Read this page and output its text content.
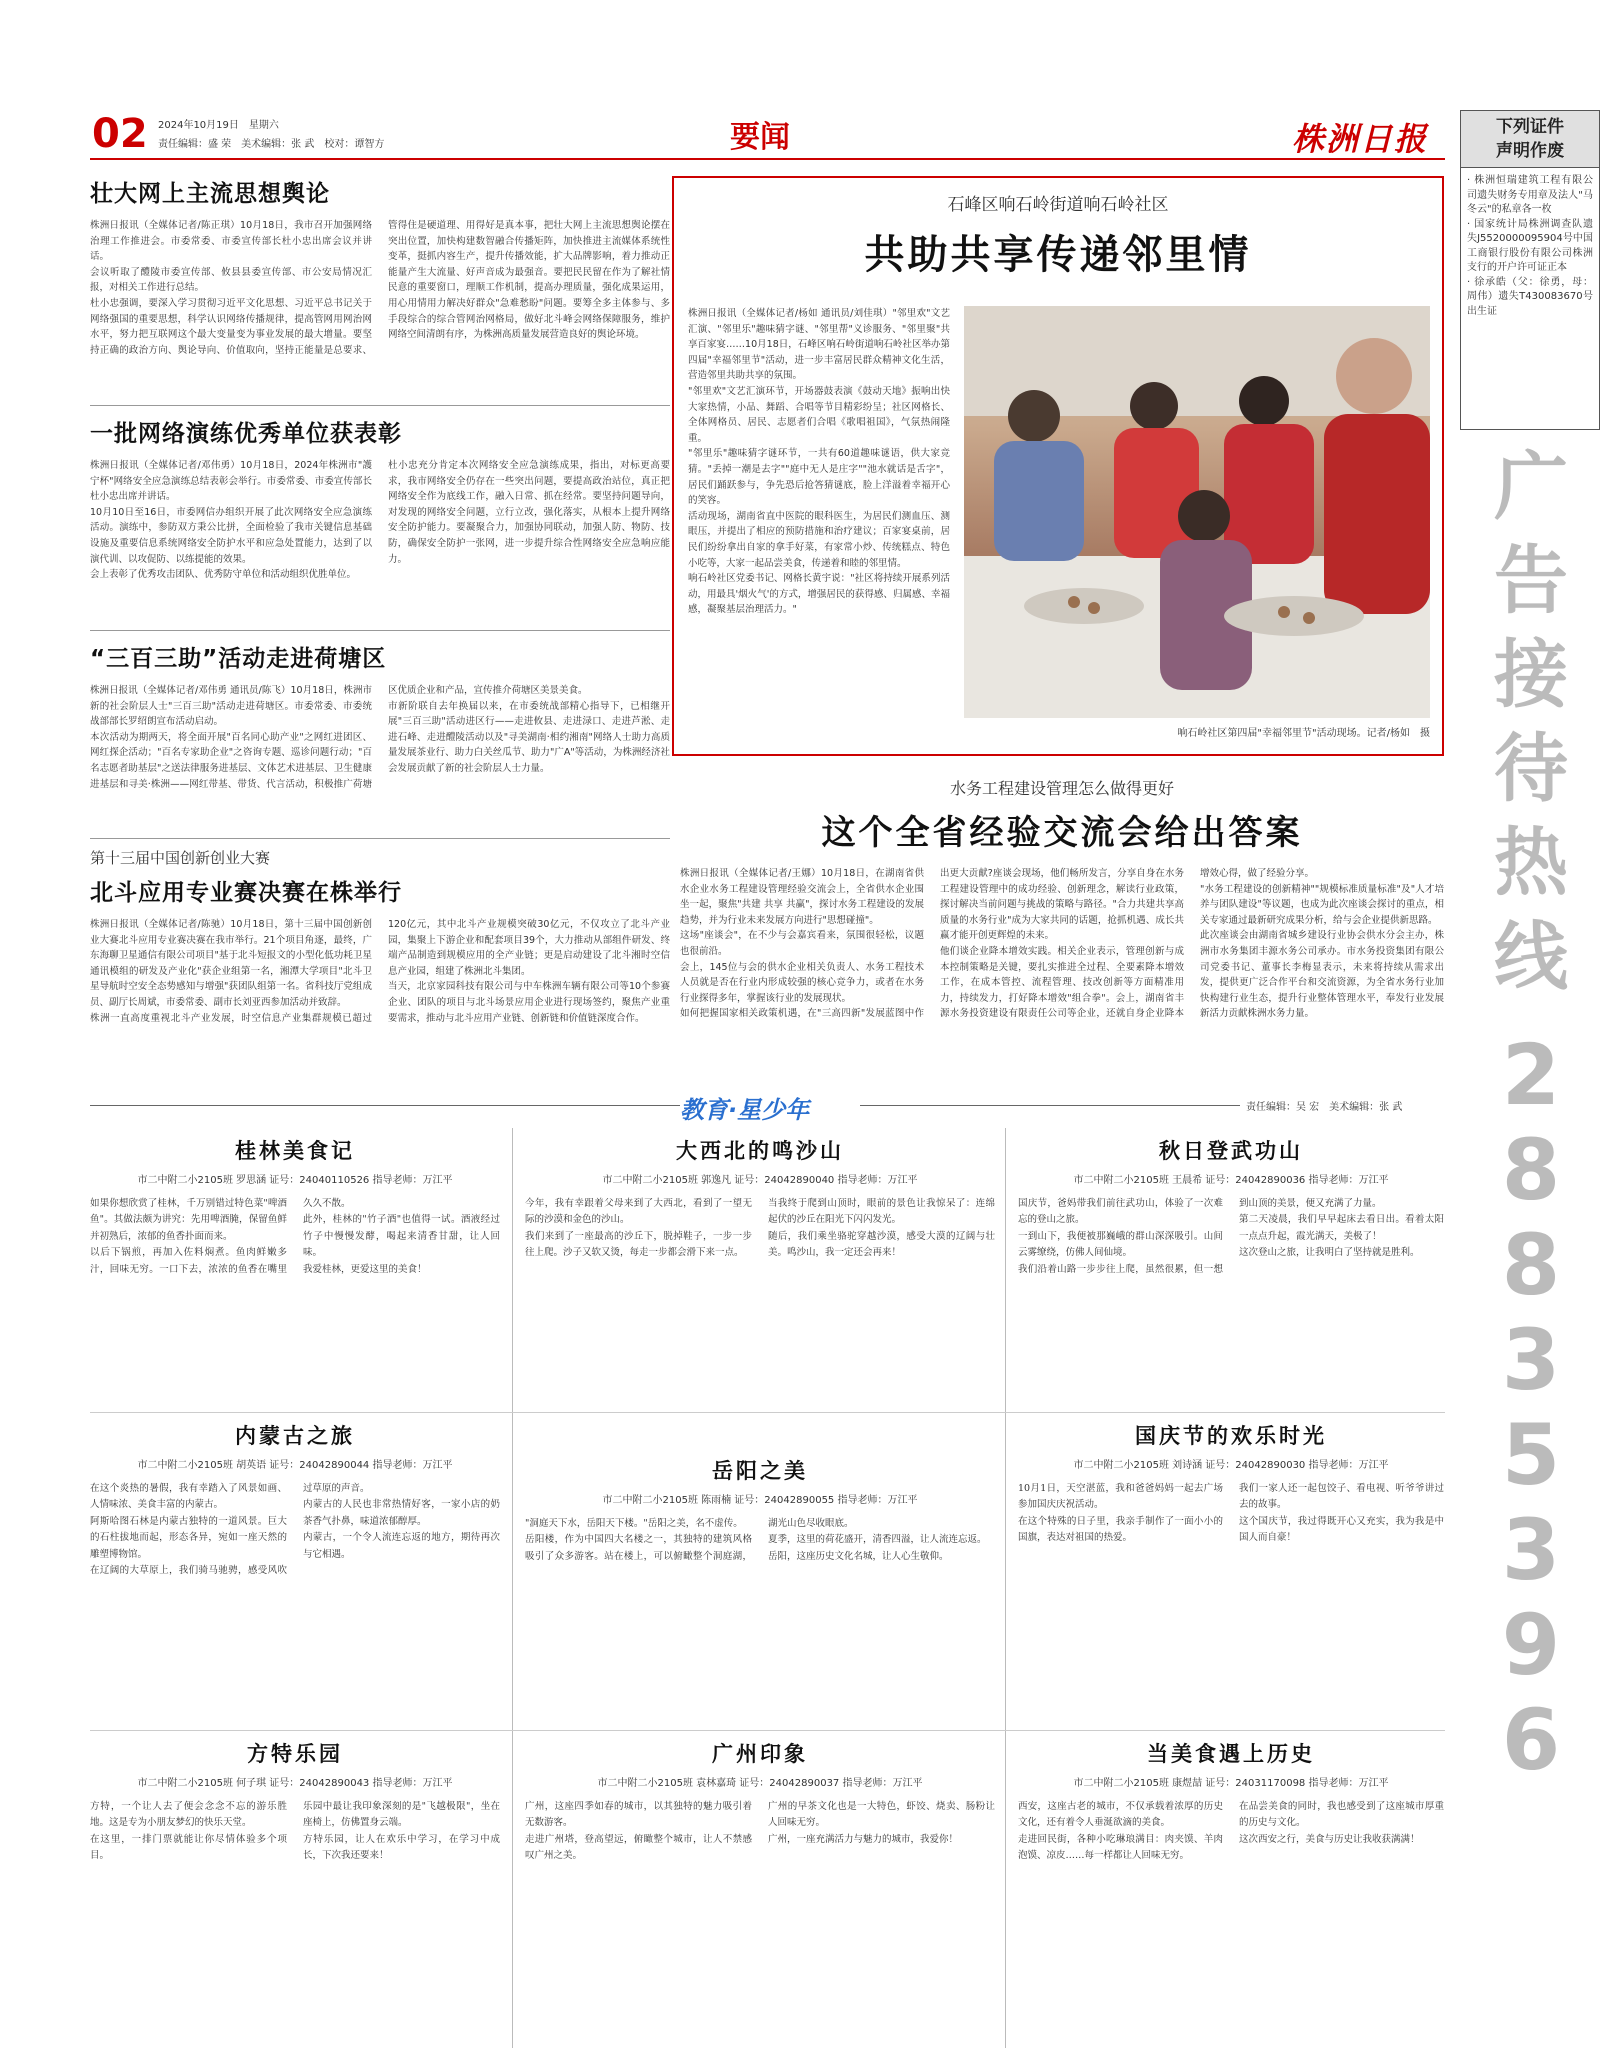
02 2024年10月19日　星期六
责任编辑：盛 荣　美术编辑：张 武　校对：谭智方	要闻	株洲日报	下列证件
声明作废
· 株洲恒瑞建筑工程有限公司遗失财务专用章及法人"马冬云"的私章各一枚
· 国家统计局株洲调查队遗失J5520000095904号中国工商银行股份有限公司株洲支行的开户许可证正本
· 徐承皓（父：徐勇，母：周伟）遗失T430083670号出生证
广告接待热线
28835396
壮大网上主流思想舆论
株洲日报讯（全媒体记者/陈正琪）10月18日，我市召开加强网络治理工作推进会。市委常委、市委宣传部长杜小忠出席会议并讲话。
会议听取了醴陵市委宣传部、攸县县委宣传部、市公安局情况汇报，对相关工作进行总结。
杜小忠强调，要深入学习贯彻习近平文化思想、习近平总书记关于网络强国的重要思想，科学认识网络传播规律，提高管网用网治网水平，努力把互联网这个最大变量变为事业发展的最大增量。要坚持正确的政治方向、舆论导向、价值取向，坚持正能量是总要求、管得住是硬道理、用得好是真本事，把壮大网上主流思想舆论摆在突出位置，加快构建数智融合传播矩阵，加快推进主流媒体系统性变革，挺抓内容生产，提升传播效能，扩大品牌影响，着力推动正能量产生大流量、好声音成为最强音。要把民民留在作为了解社情民意的重要窗口，理顺工作机制，提高办理质量，强化成果运用，用心用情用力解决好群众"急难愁盼"问题。要筹全多主体参与、多手段综合的综合管网治网格局，做好北斗峰会网络保障服务，维护网络空间清朗有序，为株洲高质量发展营造良好的舆论环境。
一批网络演练优秀单位获表彰
株洲日报讯（全媒体记者/邓伟勇）10月18日，2024年株洲市"護宁杯"网络安全应急演练总结表彰会举行。市委常委、市委宣传部长杜小忠出席并讲话。
10月10日至16日，市委网信办组织开展了此次网络安全应急演练活动。演练中，参防双方秉公比拼，全面检验了我市关键信息基础设施及重要信息系统网络安全防护水平和应急处置能力，达到了以演代训、以攻促防、以练提能的效果。
会上表彰了优秀攻击团队、优秀防守单位和活动组织优胜单位。
杜小忠充分肯定本次网络安全应急演练成果，指出，对标更高要求，我市网络安全仍存在一些突出问题，要提高政治站位，真正把网络安全作为底线工作，融入日常、抓在经常。要坚持问题导向，对发现的网络安全问题，立行立改，强化落实，从根本上提升网络安全防护能力。要凝聚合力，加强协同联动，加强人防、物防、技防，确保安全防护一张网，进一步提升综合性网络安全应急响应能力。
“三百三助”活动走进荷塘区
株洲日报讯（全媒体记者/邓伟勇 通讯员/陈飞）10月18日，株洲市新的社会阶层人士"三百三助"活动走进荷塘区。市委常委、市委统战部部长罗绍朗宣布活动启动。
本次活动为期两天，将全面开展"百名同心助产业"之网红进团区、网红探企活动；"百名专家助企业"之咨询专题、巡诊问题行动；"百名志愿者助基层"之送法律服务进基层、文体艺术进基层、卫生健康进基层和寻美·株洲——网红带基、带货、代言活动，积极推广荷塘区优质企业和产品，宣传推介荷塘区美景美食。
市新阶联自去年换届以来，在市委统战部精心指导下，已相继开展"三百三助"活动进区行——走进攸县、走进渌口、走进芦淞、走进石峰、走进醴陵活动以及"寻美湖南·相约湘南"网络人士助力高质量发展茶业行、助力白关丝瓜节、助力"广A"等活动，为株洲经济社会发展贡献了新的社会阶层人士力量。
第十三届中国创新创业大赛
北斗应用专业赛决赛在株举行
株洲日报讯（全媒体记者/陈驰）10月18日，第十三届中国创新创业大赛北斗应用专业赛决赛在我市举行。21个项目角逐，最终，广东海聊卫星通信有限公司项目"基于北斗短报文的小型化低功耗卫星通讯模组的研发及产业化"获企业组第一名，湘潭大学项目"北斗卫星导航时空安全态势感知与增强"获团队组第一名。省科技厅党组成员、副厅长周斌，市委常委、副市长刘亚西参加活动并致辞。
株洲一直高度重视北斗产业发展，时空信息产业集群规模已超过120亿元，其中北斗产业规模突破30亿元，不仅攻立了北斗产业园，集聚上下游企业和配套项目39个，大力推动从部组件研发、终端产品制造到规模应用的全产业链；更是启动建设了北斗湘时空信息产业园，组建了株洲北斗集团。
当天，北京家园科技有限公司与中车株洲车辆有限公司等10个参赛企业、团队的项目与北斗场景应用企业进行现场签约，聚焦产业重要需求，推动与北斗应用产业链、创新链和价值链深度合作。
石峰区响石岭街道响石岭社区
共助共享传递邻里情
株洲日报讯（全媒体记者/杨如 通讯员/刘佳琪）"邻里欢"文艺汇演、"邻里乐"趣味猜字谜、"邻里帮"义诊服务、"邻里聚"共享百家宴……10月18日，石峰区响石岭街道响石岭社区举办第四届"幸福邻里节"活动，进一步丰富居民群众精神文化生活，营造邻里共助共享的氛围。
"邻里欢"文艺汇演环节，开场器鼓表演《鼓动天地》振响出快大家热情，小品、舞蹈、合唱等节目精彩纷呈；社区网格长、全体网格员、居民、志愿者们合唱《歌唱祖国》，气氛热闹隆重。
"邻里乐"趣味猜字谜环节，一共有60道趣味谜语，供大家竞猜。"丢掉一潮是去字""庭中无人是庄字""池水就话是舌字"，居民们踊跃参与，争先恐后抢答猜谜底，脸上洋溢着幸福开心的笑容。
活动现场，湖南省直中医院的眼科医生，为居民们测血压、测眼压，并提出了相应的预防措施和治疗建议；百家宴桌前，居民们纷纷拿出自家的拿手好菜，有家常小炒、传统糕点、特色小吃等，大家一起品尝美食，传递着和睦的邻里情。
响石岭社区党委书记、网格长黄宇说："社区将持续开展系列活动，用最具'烟火气'的方式，增强居民的获得感、归属感、幸福感，凝聚基层治理活力。"
响石岭社区第四届"幸福邻里节"活动现场。记者/杨如　摄
水务工程建设管理怎么做得更好
这个全省经验交流会给出答案
株洲日报讯（全媒体记者/王娜）10月18日，在湖南省供水企业水务工程建设管理经验交流会上，全省供水企业围坐一起，聚焦"共建 共享 共赢"，探讨水务工程建设的发展趋势，并为行业未来发展方向进行"思想碰撞"。
这场"座谈会"，在不少与会嘉宾看来，氛围很轻松，议题也很前沿。
会上，145位与会的供水企业相关负责人、水务工程技术人员就是否在行业内形成较强的核心竞争力，或者在水务行业探得多年，掌握该行业的发展现状。
如何把握国家相关政策机遇，在"三高四新"发展蓝图中作出更大贡献?座谈会现场，他们畅所发言，分享自身在水务工程建设管理中的成功经验、创新理念，解读行业政策，探讨解决当前问题与挑战的策略与路径。"合力共建共享高质量的水务行业"成为大家共同的话题，抢抓机遇、成长共赢才能开创更辉煌的未来。
他们谈企业降本增效实践。相关企业表示，管理创新与成本控制策略是关键，要扎实推进全过程、全要素降本增效工作，在成本管控、流程管理、技改创新等方面精准用力，持续发力，打好降本增效"组合拳"。会上，湖南省丰源水务投资建设有限责任公司等企业，还就自身企业降本增效心得，做了经验分享。
"水务工程建设的创新精神""规模标准质量标准"及"人才培养与团队建设"等议题，也成为此次座谈会探讨的重点，相关专家通过最新研究成果分析，给与会企业提供新思路。
此次座谈会由湖南省城乡建设行业协会供水分会主办，株洲市水务集团丰源水务公司承办。市水务投资集团有限公司党委书记、董事长李梅显表示，未来将持续从需求出发，提供更广泛合作平台和交流资源，为全省水务行业加快构建行业生态，提升行业整体管理水平，奉发行业发展新活力贡献株洲水务力量。
教育·星少年	责任编辑：吴 宏　美术编辑：张 武
桂林美食记
市二中附二小2105班 罗思涵 证号：24040110526 指导老师：万江平
如果你想欣赏了桂林，千万别错过特色菜"啤酒鱼"。其做法颇为讲究：先用啤酒腌，保留鱼鲜并初熟后，浓郁的鱼香扑面而来。
以后下锅煎，再加入佐料焖煮。鱼肉鲜嫩多汁，回味无穷。一口下去，浓浓的鱼香在嘴里久久不散。
此外，桂林的"竹子酒"也值得一试。酒液经过竹子中慢慢发酵，喝起来清香甘甜，让人回味。
我爱桂林，更爱这里的美食！
内蒙古之旅
市二中附二小2105班 胡英语 证号：24042890044 指导老师：万江平
在这个炎热的暑假，我有幸踏入了风景如画、人情味浓、美食丰富的内蒙古。
阿斯哈图石林是内蒙古独特的一道风景。巨大的石柱拔地而起，形态各异，宛如一座天然的雕塑博物馆。
在辽阔的大草原上，我们骑马驰骋，感受风吹过草原的声音。
内蒙古的人民也非常热情好客，一家小店的奶茶香气扑鼻，味道浓郁醇厚。
内蒙古，一个令人流连忘返的地方，期待再次与它相遇。
方特乐园
市二中附二小2105班 何子琪 证号：24042890043 指导老师：万江平
方特，一个让人去了便会念念不忘的游乐胜地。这是专为小朋友梦幻的快乐天堂。
在这里，一排门票就能让你尽情体验多个项目。
乐园中最让我印象深刻的是"飞越极限"，坐在座椅上，仿佛置身云端。
方特乐园，让人在欢乐中学习，在学习中成长，下次我还要来！
大西北的鸣沙山
市二中附二小2105班 郭逸凡 证号：24042890040 指导老师：万江平
今年，我有幸跟着父母来到了大西北，看到了一望无际的沙漠和金色的沙山。
我们来到了一座最高的沙丘下，脱掉鞋子，一步一步往上爬。沙子又软又烫，每走一步都会滑下来一点。
当我终于爬到山顶时，眼前的景色让我惊呆了：连绵起伏的沙丘在阳光下闪闪发光。
随后，我们乘坐骆驼穿越沙漠，感受大漠的辽阔与壮美。鸣沙山，我一定还会再来！
岳阳之美
市二中附二小2105班 陈雨楠 证号：24042890055 指导老师：万江平
"洞庭天下水，岳阳天下楼。"岳阳之美，名不虚传。
岳阳楼，作为中国四大名楼之一，其独特的建筑风格吸引了众多游客。站在楼上，可以俯瞰整个洞庭湖，湖光山色尽收眼底。
夏季，这里的荷花盛开，清香四溢，让人流连忘返。
岳阳，这座历史文化名城，让人心生敬仰。
广州印象
市二中附二小2105班 袁林嘉琦 证号：24042890037 指导老师：万江平
广州，这座四季如春的城市，以其独特的魅力吸引着无数游客。
走进广州塔，登高望远，俯瞰整个城市，让人不禁感叹广州之美。
广州的早茶文化也是一大特色，虾饺、烧卖、肠粉让人回味无穷。
广州，一座充满活力与魅力的城市，我爱你！
秋日登武功山
市二中附二小2105班 王晨希 证号：24042890036 指导老师：万江平
国庆节，爸妈带我们前往武功山，体验了一次难忘的登山之旅。
一到山下，我便被那巍峨的群山深深吸引。山间云雾缭绕，仿佛人间仙境。
我们沿着山路一步步往上爬，虽然很累，但一想到山顶的美景，便又充满了力量。
第二天凌晨，我们早早起床去看日出。看着太阳一点点升起，霞光满天，美极了！
这次登山之旅，让我明白了坚持就是胜利。
国庆节的欢乐时光
市二中附二小2105班 刘诗涵 证号：24042890030 指导老师：万江平
10月1日，天空湛蓝，我和爸爸妈妈一起去广场参加国庆庆祝活动。
在这个特殊的日子里，我亲手制作了一面小小的国旗，表达对祖国的热爱。
我们一家人还一起包饺子、看电视、听爷爷讲过去的故事。
这个国庆节，我过得既开心又充实，我为我是中国人而自豪！
当美食遇上历史
市二中附二小2105班 康煜喆 证号：24031170098 指导老师：万江平
西安，这座古老的城市，不仅承载着浓厚的历史文化，还有着令人垂涎欲滴的美食。
走进回民街，各种小吃琳琅满目：肉夹馍、羊肉泡馍、凉皮……每一样都让人回味无穷。
在品尝美食的同时，我也感受到了这座城市厚重的历史与文化。
这次西安之行，美食与历史让我收获满满！
